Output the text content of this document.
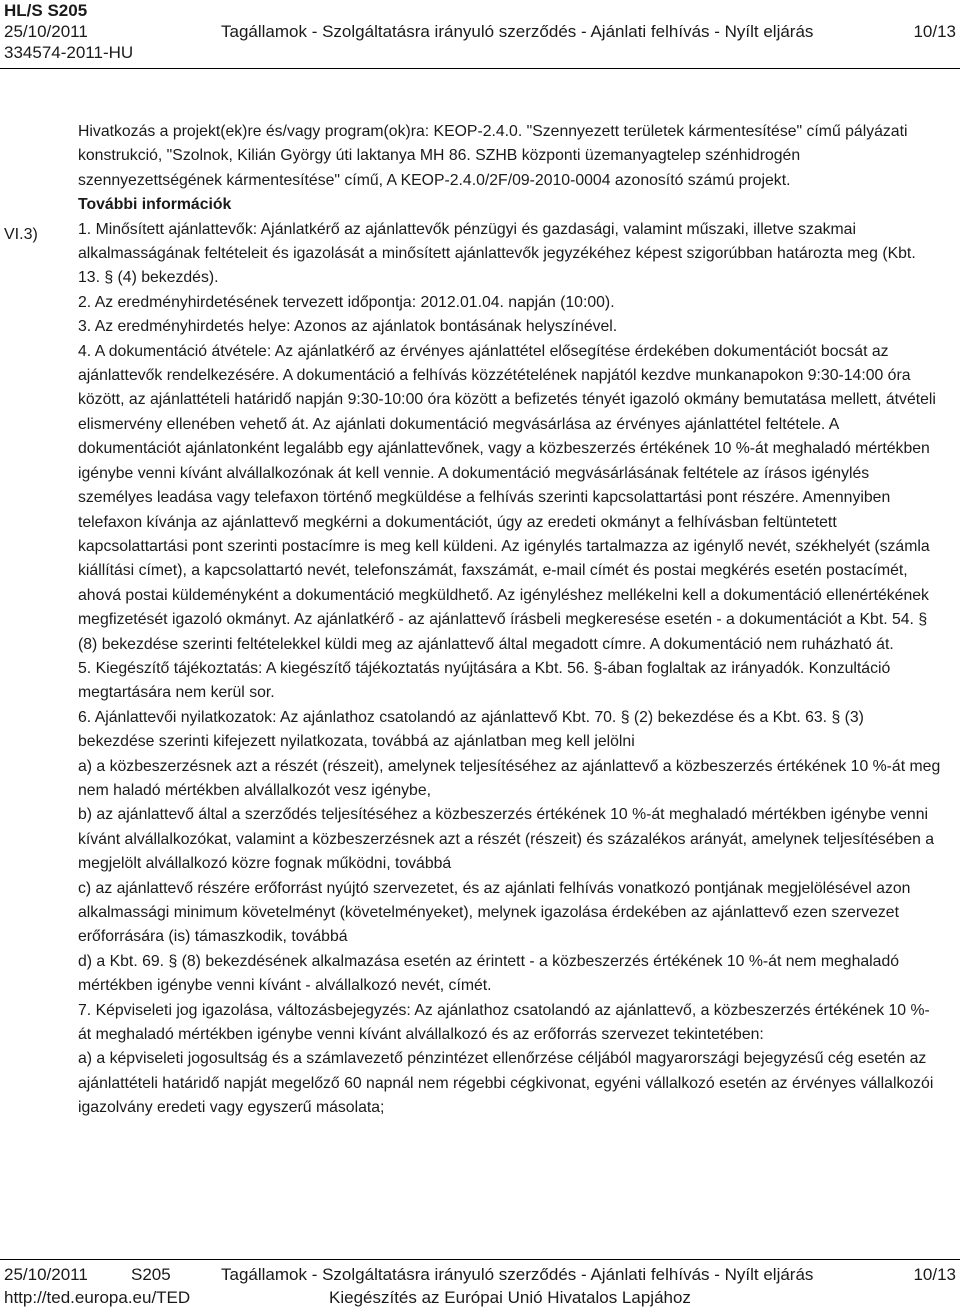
HL/S S205
25/10/2011	Tagállamok - Szolgáltatásra irányuló szerződés - Ajánlati felhívás - Nyílt eljárás	10/13
334574-2011-HU
VI.3)

Hivatkozás a projekt(ek)re és/vagy program(ok)ra: KEOP-2.4.0. "Szennyezett területek kármentesítése" című pályázati konstrukció, "Szolnok, Kilián György úti laktanya MH 86. SZHB központi üzemanyagtelep szénhidrogén szennyezettségének kármentesítése" című, A KEOP-2.4.0/2F/09-2010-0004 azonosító számú projekt.

További információk

1. Minősített ajánlattevők: Ajánlatkérő az ajánlattevők pénzügyi és gazdasági, valamint műszaki, illetve szakmai alkalmasságának feltételeit és igazolását a minősített ajánlattevők jegyzékéhez képest szigorúbban határozta meg (Kbt. 13. § (4) bekezdés).

2. Az eredményhirdetésének tervezett időpontja: 2012.01.04. napján (10:00).

3. Az eredményhirdetés helye: Azonos az ajánlatok bontásának helyszínével.

4. A dokumentáció átvétele: Az ajánlatkérő az érvényes ajánlattétel elősegítése érdekében dokumentációt bocsát az ajánlattevők rendelkezésére. A dokumentáció a felhívás közzétételének napjától kezdve munkanapokon 9:30-14:00 óra között, az ajánlattételi határidő napján 9:30-10:00 óra között a befizetés tényét igazoló okmány bemutatása mellett, átvételi elismervény ellenében vehető át. Az ajánlati dokumentáció megvásárlása az érvényes ajánlattétel feltétele. A dokumentációt ajánlatonként legalább egy ajánlattevőnek, vagy a közbeszerzés értékének 10 %-át meghaladó mértékben igénybe venni kívánt alvállalkozónak át kell vennie. A dokumentáció megvásárlásának feltétele az írásos igénylés személyes leadása vagy telefaxon történő megküldése a felhívás szerinti kapcsolattartási pont részére. Amennyiben telefaxon kívánja az ajánlattevő megkérni a dokumentációt, úgy az eredeti okmányt a felhívásban feltüntetett kapcsolattartási pont szerinti postacímre is meg kell küldeni. Az igénylés tartalmazza az igénylő nevét, székhelyét (számla kiállítási címet), a kapcsolattartó nevét, telefonszámát, faxszámát, e-mail címét és postai megkérés esetén postacímét, ahová postai küldeményként a dokumentáció megküldhető. Az igényléshez mellékelni kell a dokumentáció ellenértékének megfizetését igazoló okmányt. Az ajánlatkérő - az ajánlattevő írásbeli megkeresése esetén - a dokumentációt a Kbt. 54. § (8) bekezdése szerinti feltételekkel küldi meg az ajánlattevő által megadott címre. A dokumentáció nem ruházható át.

5. Kiegészítő tájékoztatás: A kiegészítő tájékoztatás nyújtására a Kbt. 56. §-ában foglaltak az irányadók. Konzultáció megtartására nem kerül sor.

6. Ajánlattevői nyilatkozatok: Az ajánlathoz csatolandó az ajánlattevő Kbt. 70. § (2) bekezdése és a Kbt. 63. § (3) bekezdése szerinti kifejezett nyilatkozata, továbbá az ajánlatban meg kell jelölni

a) a közbeszerzésnek azt a részét (részeit), amelynek teljesítéséhez az ajánlattevő a közbeszerzés értékének 10 %-át meg nem haladó mértékben alvállalkozót vesz igénybe,

b) az ajánlattevő által a szerződés teljesítéséhez a közbeszerzés értékének 10 %-át meghaladó mértékben igénybe venni kívánt alvállalkozókat, valamint a közbeszerzésnek azt a részét (részeit) és százalékos arányát, amelynek teljesítésében a megjelölt alvállalkozó közre fognak működni, továbbá

c) az ajánlattevő részére erőforrást nyújtó szervezetet, és az ajánlati felhívás vonatkozó pontjának megjelölésével azon alkalmassági minimum követelményt (követelményeket), melynek igazolása érdekében az ajánlattevő ezen szervezet erőforrására (is) támaszkodik, továbbá

d) a Kbt. 69. § (8) bekezdésének alkalmazása esetén az érintett - a közbeszerzés értékének 10 %-át nem meghaladó mértékben igénybe venni kívánt - alvállalkozó nevét, címét.

7. Képviseleti jog igazolása, változásbejegyzés: Az ajánlathoz csatolandó az ajánlattevő, a közbeszerzés értékének 10 %-át meghaladó mértékben igénybe venni kívánt alvállalkozó és az erőforrás szervezet tekintetében:

a) a képviseleti jogosultság és a számlavezető pénzintézet ellenőrzése céljából magyarországi bejegyzésű cég esetén az ajánlattételi határidő napját megelőző 60 napnál nem régebbi cégkivonat, egyéni vállalkozó esetén az érvényes vállalkozói igazolvány eredeti vagy egyszerű másolata;

25/10/2011	S205	Tagállamok - Szolgáltatásra irányuló szerződés - Ajánlati felhívás - Nyílt eljárás	10/13
http://ted.europa.eu/TED	Kiegészítés az Európai Unió Hivatalos Lapjához
